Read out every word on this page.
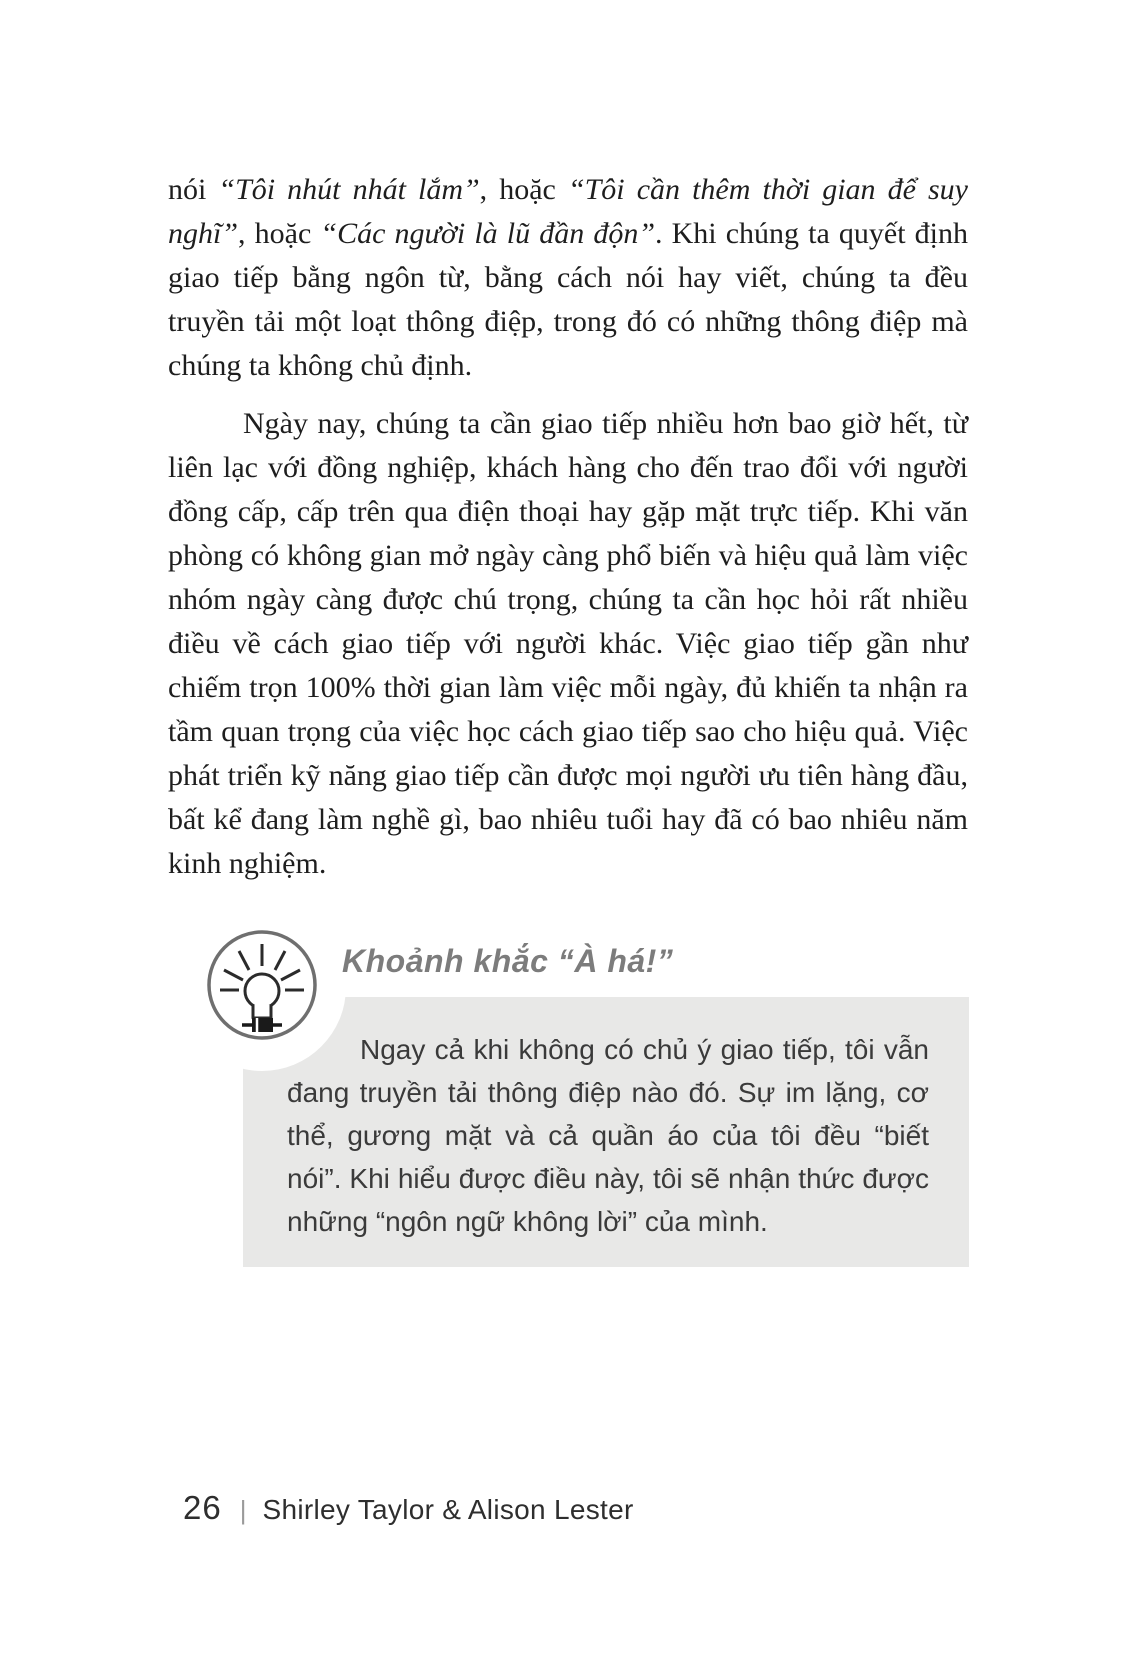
nói “Tôi nhút nhát lắm”, hoặc “Tôi cần thêm thời gian để suy nghĩ”, hoặc “Các người là lũ đần độn”. Khi chúng ta quyết định giao tiếp bằng ngôn từ, bằng cách nói hay viết, chúng ta đều truyền tải một loạt thông điệp, trong đó có những thông điệp mà chúng ta không chủ định.

Ngày nay, chúng ta cần giao tiếp nhiều hơn bao giờ hết, từ liên lạc với đồng nghiệp, khách hàng cho đến trao đổi với người đồng cấp, cấp trên qua điện thoại hay gặp mặt trực tiếp. Khi văn phòng có không gian mở ngày càng phổ biến và hiệu quả làm việc nhóm ngày càng được chú trọng, chúng ta cần học hỏi rất nhiều điều về cách giao tiếp với người khác. Việc giao tiếp gần như chiếm trọn 100% thời gian làm việc mỗi ngày, đủ khiến ta nhận ra tầm quan trọng của việc học cách giao tiếp sao cho hiệu quả. Việc phát triển kỹ năng giao tiếp cần được mọi người ưu tiên hàng đầu, bất kể đang làm nghề gì, bao nhiêu tuổi hay đã có bao nhiêu năm kinh nghiệm.

Khoảnh khắc “À há!”
Ngay cả khi không có chủ ý giao tiếp, tôi vẫn đang truyền tải thông điệp nào đó. Sự im lặng, cơ thể, gương mặt và cả quần áo của tôi đều “biết nói”. Khi hiểu được điều này, tôi sẽ nhận thức được những “ngôn ngữ không lời” của mình.
26 | Shirley Taylor & Alison Lester
